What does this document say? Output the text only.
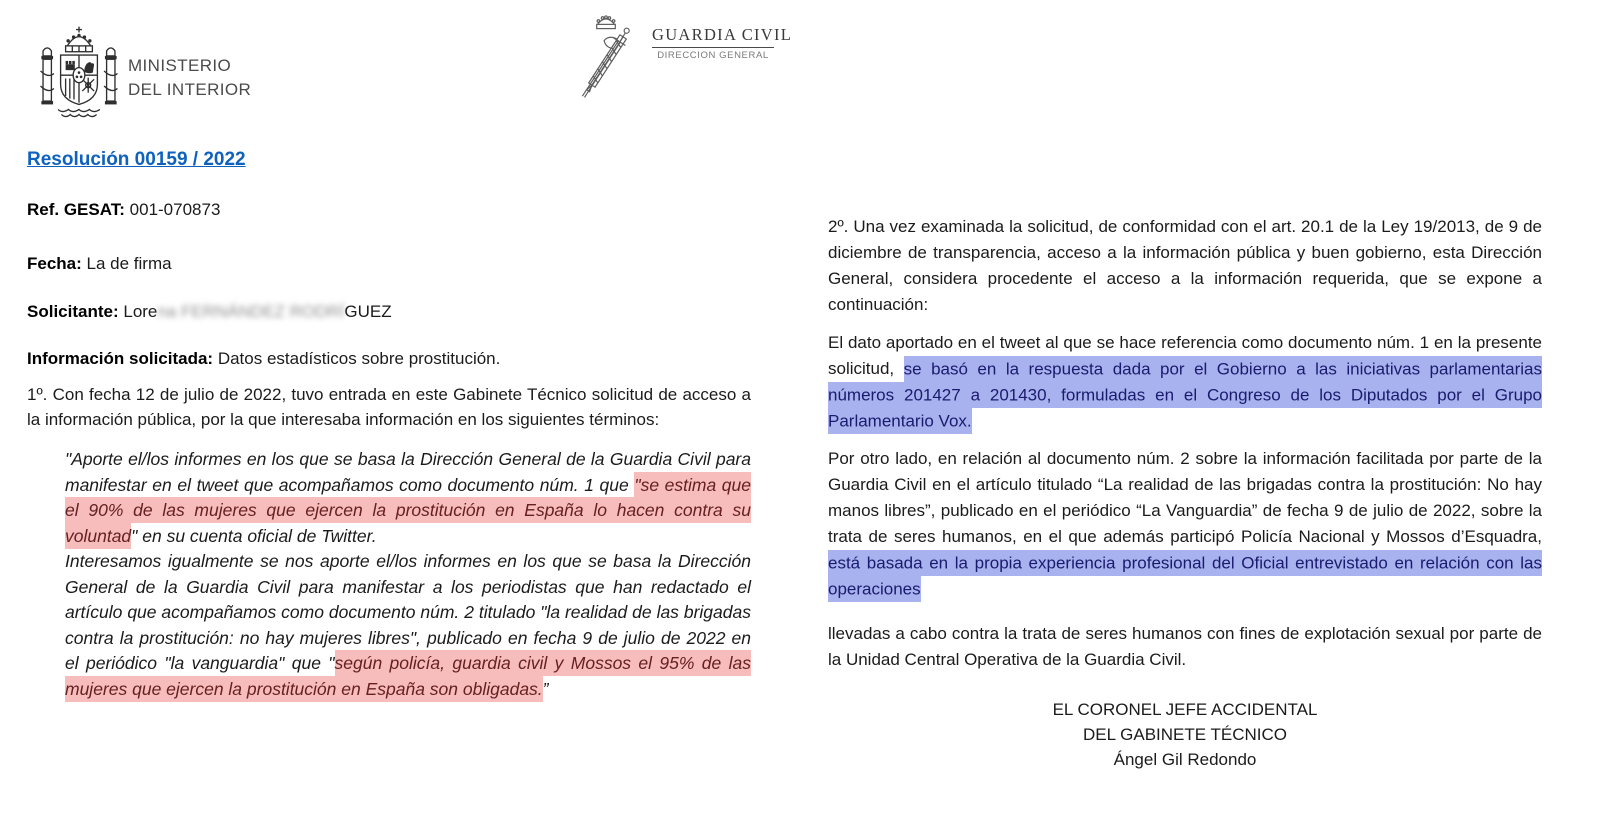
MINISTERIO
DEL INTERIOR
GUARDIA CIVIL
DIRECCION GENERAL
Resolución 00159 / 2022

Ref. GESAT: 001-070873

Fecha: La de firma

Solicitante: Lorena FERNÁNDEZ RODRÍGUEZ

Información solicitada: Datos estadísticos sobre prostitución.

1º. Con fecha 12 de julio de 2022, tuvo entrada en este Gabinete Técnico solicitud de acceso a la información pública, por la que interesaba información en los siguientes términos:

"Aporte el/los informes en los que se basa la Dirección General de la Guardia Civil para manifestar en el tweet que acompañamos como documento núm. 1 que "se estima que el 90% de las mujeres que ejercen la prostitución en España lo hacen contra su voluntad" en su cuenta oficial de Twitter.

Interesamos igualmente se nos aporte el/los informes en los que se basa la Dirección General de la Guardia Civil para manifestar a los periodistas que han redactado el artículo que acompañamos como documento núm. 2 titulado "la realidad de las brigadas contra la prostitución: no hay mujeres libres", publicado en fecha 9 de julio de 2022 en el periódico "la vanguardia" que "según policía, guardia civil y Mossos el 95% de las mujeres que ejercen la prostitución en España son obligadas.”

2º. Una vez examinada la solicitud, de conformidad con el art. 20.1 de la Ley 19/2013, de 9 de diciembre de transparencia, acceso a la información pública y buen gobierno, esta Dirección General, considera procedente el acceso a la información requerida, que se expone a continuación:

El dato aportado en el tweet al que se hace referencia como documento núm. 1 en la presente solicitud, se basó en la respuesta dada por el Gobierno a las iniciativas parlamentarias números 201427 a 201430, formuladas en el Congreso de los Diputados por el Grupo Parlamentario Vox.

Por otro lado, en relación al documento núm. 2 sobre la información facilitada por parte de la Guardia Civil en el artículo titulado “La realidad de las brigadas contra la prostitución: No hay manos libres”, publicado en el periódico “La Vanguardia” de fecha 9 de julio de 2022, sobre la trata de seres humanos, en el que además participó Policía Nacional y Mossos d’Esquadra, está basada en la propia experiencia profesional del Oficial entrevistado en relación con las operaciones

llevadas a cabo contra la trata de seres humanos con fines de explotación sexual por parte de la Unidad Central Operativa de la Guardia Civil.

EL CORONEL JEFE ACCIDENTAL
DEL GABINETE TÉCNICO
Ángel Gil Redondo
